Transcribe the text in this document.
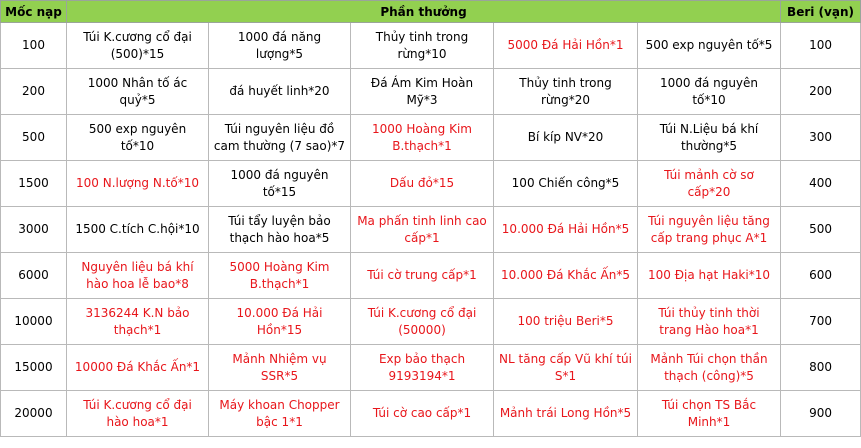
Mốc nạp	Phần thưởng					Beri (vạn)
100	Túi K.cương cổ đại (500)*15	1000 đá năng lượng*5	Thủy tinh trong rừng*10	5000 Đá Hải Hồn*1	500 exp nguyên tố*5	100
200	1000 Nhân tố ác quỷ*5	đá huyết linh*20	Đá Ám Kim Hoàn Mỹ*3	Thủy tinh trong rừng*20	1000 đá nguyên tố*10	200
500	500 exp nguyên tố*10	Túi nguyên liệu đồ cam thường (7 sao)*7	1000 Hoàng Kim B.thạch*1	Bí kíp NV*20	Túi N.Liệu bá khí thường*5	300
1500	100 N.lượng N.tố*10	1000 đá nguyên tố*15	Dấu đỏ*15	100 Chiến công*5	Túi mảnh cờ sơ cấp*20	400
3000	1500 C.tích C.hội*10	Túi tẩy luyện bảo thạch hào hoa*5	Ma phấn tinh linh cao cấp*1	10.000 Đá Hải Hồn*5	Túi nguyên liệu tăng cấp trang phục A*1	500
6000	Nguyên liệu bá khí hào hoa lễ bao*8	5000 Hoàng Kim B.thạch*1	Túi cờ trung cấp*1	10.000 Đá Khắc Ấn*5	100 Địa hạt Haki*10	600
10000	3136244 K.N bảo thạch*1	10.000 Đá Hải Hồn*15	Túi K.cương cổ đại (50000)	100 triệu Beri*5	Túi thủy tinh thời trang Hào hoa*1	700
15000	10000 Đá Khắc Ấn*1	Mảnh Nhiệm vụ SSR*5	Exp bảo thạch 9193194*1	NL tăng cấp Vũ khí túi S*1	Mảnh Túi chọn thần thạch (công)*5	800
20000	Túi K.cương cổ đại hào hoa*1	Máy khoan Chopper bậc 1*1	Túi cờ cao cấp*1	Mảnh trái Long Hồn*5	Túi chọn TS Bắc Minh*1	900
